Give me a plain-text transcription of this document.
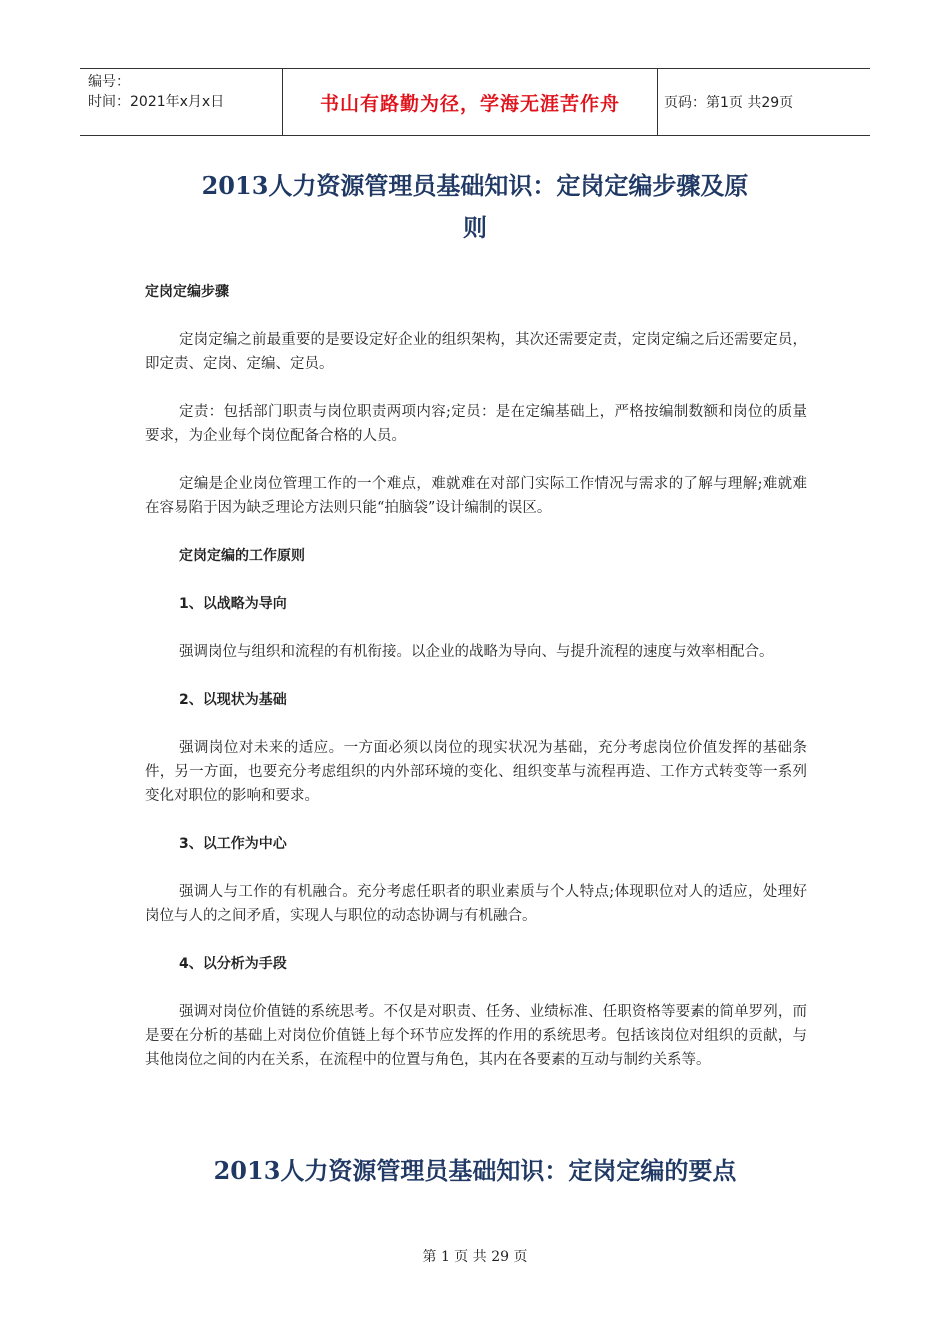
编号：
时间：2021年x月x日	书山有路勤为径，学海无涯苦作舟	页码：第1页 共29页
2013人力资源管理员基础知识：定岗定编步骤及原
则
定岗定编步骤

定岗定编之前最重要的是要设定好企业的组织架构，其次还需要定责，定岗定编之后还需要定员，即定责、定岗、定编、定员。

定责：包括部门职责与岗位职责两项内容;定员：是在定编基础上，严格按编制数额和岗位的质量要求，为企业每个岗位配备合格的人员。

定编是企业岗位管理工作的一个难点，难就难在对部门实际工作情况与需求的了解与理解;难就难在容易陷于因为缺乏理论方法则只能“拍脑袋”设计编制的误区。

定岗定编的工作原则
1、以战略为导向

强调岗位与组织和流程的有机衔接。以企业的战略为导向、与提升流程的速度与效率相配合。

2、以现状为基础

强调岗位对未来的适应。一方面必须以岗位的现实状况为基础，充分考虑岗位价值发挥的基础条件，另一方面，也要充分考虑组织的内外部环境的变化、组织变革与流程再造、工作方式转变等一系列变化对职位的影响和要求。

3、以工作为中心

强调人与工作的有机融合。充分考虑任职者的职业素质与个人特点;体现职位对人的适应，处理好岗位与人的之间矛盾，实现人与职位的动态协调与有机融合。

4、以分析为手段

强调对岗位价值链的系统思考。不仅是对职责、任务、业绩标准、任职资格等要素的简单罗列，而是要在分析的基础上对岗位价值链上每个环节应发挥的作用的系统思考。包括该岗位对组织的贡献，与其他岗位之间的内在关系，在流程中的位置与角色，其内在各要素的互动与制约关系等。

2013人力资源管理员基础知识：定岗定编的要点
第 1 页 共 29 页
